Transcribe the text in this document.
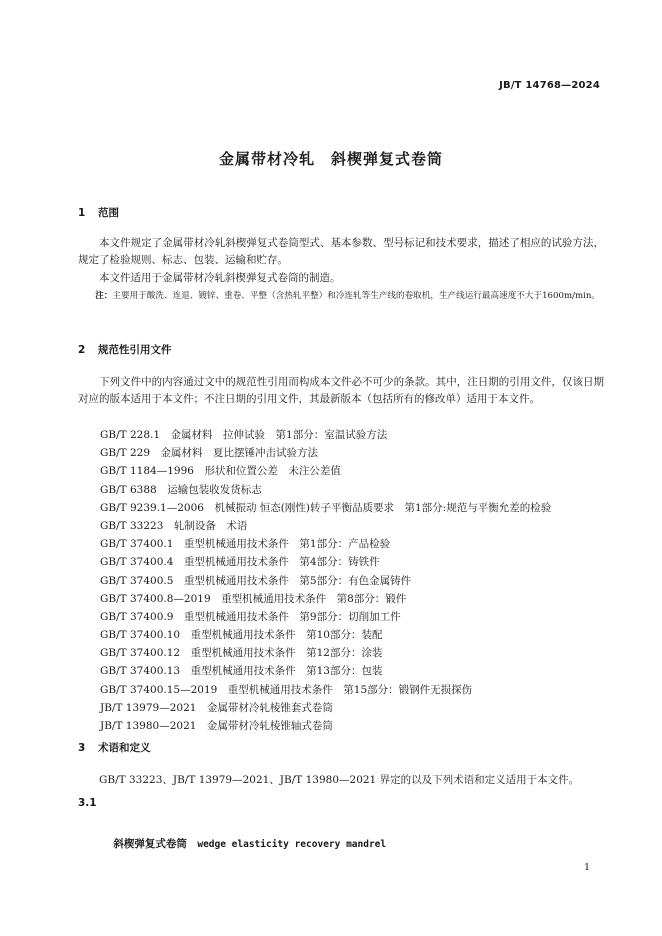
JB/T 14768—2024
金属带材冷轧　斜楔弹复式卷筒
1 范围
本文件规定了金属带材冷轧斜楔弹复式卷筒型式、基本参数、型号标记和技术要求，描述了相应的试验方法，规定了检验规则、标志、包装、运输和贮存。
本文件适用于金属带材冷轧斜楔弹复式卷筒的制造。
注：主要用于酸洗、连退、镀锌、重卷、平整（含热轧平整）和冷连轧等生产线的卷取机，生产线运行最高速度不大于1600m/min。
2 规范性引用文件
下列文件中的内容通过文中的规范性引用而构成本文件必不可少的条款。其中，注日期的引用文件，仅该日期对应的版本适用于本文件；不注日期的引用文件，其最新版本（包括所有的修改单）适用于本文件。
GB/T 228.1　金属材料　拉伸试验　第1部分：室温试验方法
GB/T 229　金属材料　夏比摆锤冲击试验方法
GB/T 1184—1996　形状和位置公差　未注公差值
GB/T 6388　运输包装收发货标志
GB/T 9239.1—2006　机械振动 恒态(刚性)转子平衡品质要求　第1部分:规范与平衡允差的检验
GB/T 33223　轧制设备　术语
GB/T 37400.1　重型机械通用技术条件　第1部分：产品检验
GB/T 37400.4　重型机械通用技术条件　第4部分：铸铁件
GB/T 37400.5　重型机械通用技术条件　第5部分：有色金属铸件
GB/T 37400.8—2019　重型机械通用技术条件　第8部分：锻件
GB/T 37400.9　重型机械通用技术条件　第9部分：切削加工件
GB/T 37400.10　重型机械通用技术条件　第10部分：装配
GB/T 37400.12　重型机械通用技术条件　第12部分：涂装
GB/T 37400.13　重型机械通用技术条件　第13部分：包装
GB/T 37400.15—2019　重型机械通用技术条件　第15部分：锻钢件无损探伤
JB/T 13979—2021　金属带材冷轧棱锥套式卷筒
JB/T 13980—2021　金属带材冷轧棱锥轴式卷筒
3 术语和定义
GB/T 33223、JB/T 13979—2021、JB/T 13980—2021 界定的以及下列术语和定义适用于本文件。
3.1

斜楔弹复式卷筒　 wedge elasticity recovery mandrel

1
